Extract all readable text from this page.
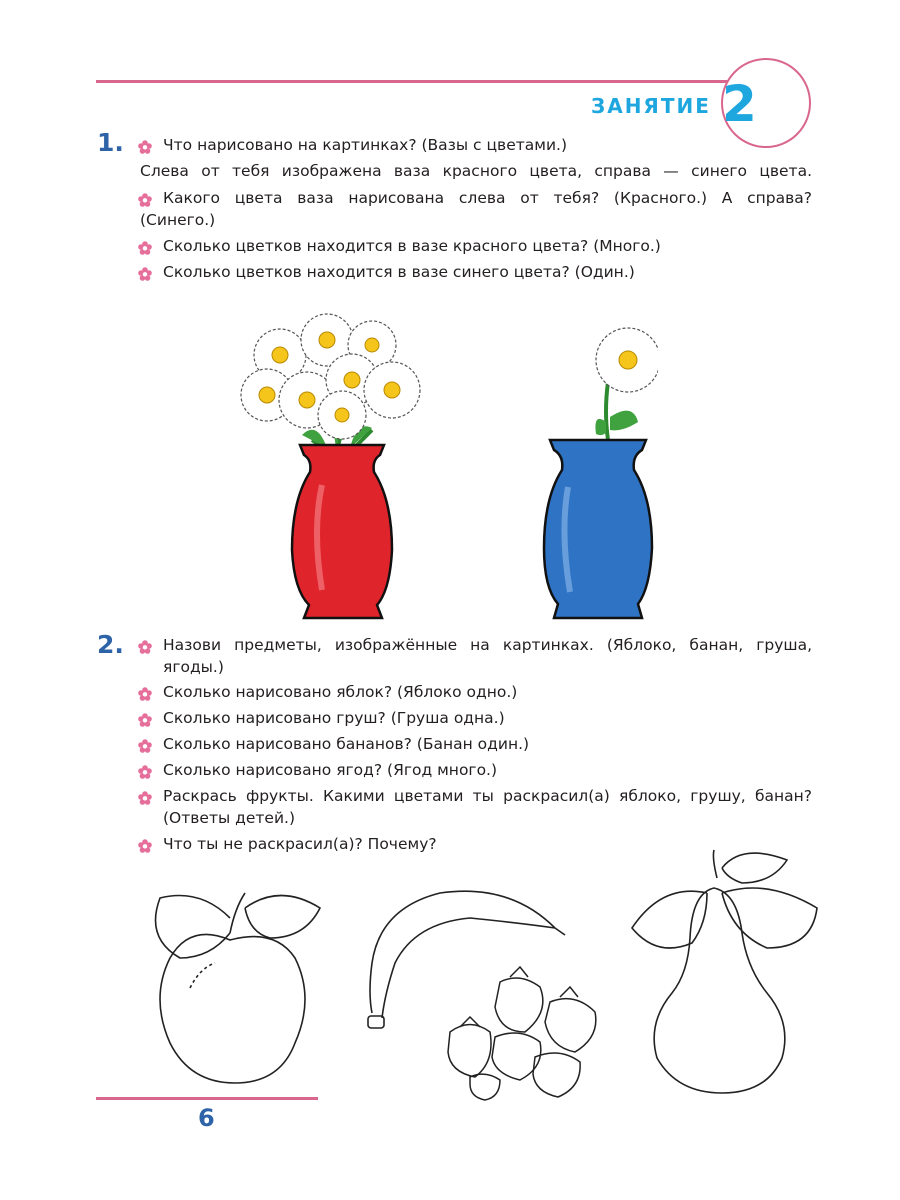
ЗАНЯТИЕ 2
1.	Что нарисовано на картинках? (Вазы с цветами.)
Слева от тебя изображена ваза красного цвета, справа — синего цвета.
Какого цвета ваза нарисована слева от тебя? (Красного.) А справа?
(Синего.)
Сколько цветков находится в вазе красного цвета? (Много.)
Сколько цветков находится в вазе синего цвета? (Один.)
2.	Назови предметы, изображённые на картинках. (Яблоко, банан, груша,
ягоды.)
Сколько нарисовано яблок? (Яблоко одно.)
Сколько нарисовано груш? (Груша одна.)
Сколько нарисовано бананов? (Банан один.)
Сколько нарисовано ягод? (Ягод много.)
Раскрась фрукты. Какими цветами ты раскрасил(а) яблоко, грушу, банан?
(Ответы детей.)
Что ты не раскрасил(а)? Почему?
6
